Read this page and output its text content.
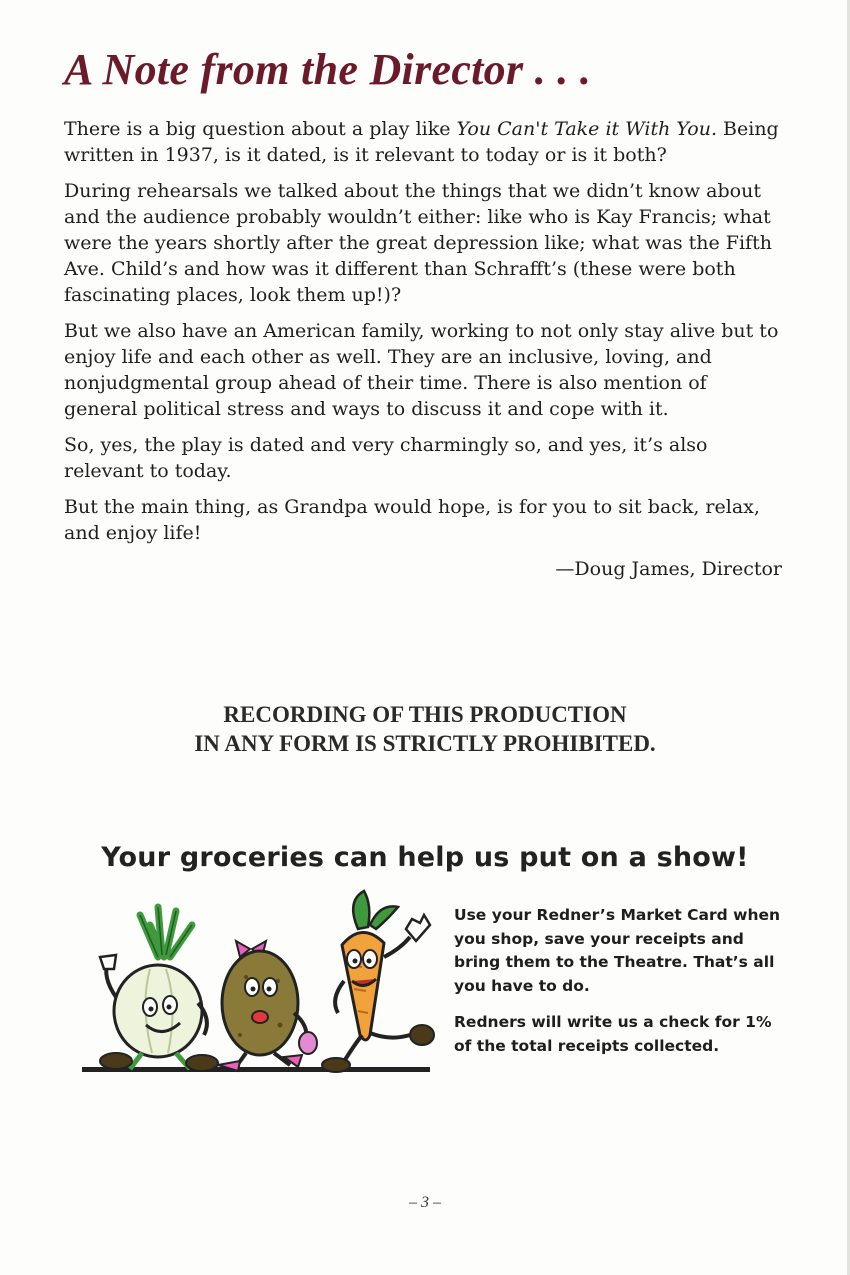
A Note from the Director . . .

There is a big question about a play like You Can't Take it With You. Being written in 1937, is it dated, is it relevant to today or is it both?

During rehearsals we talked about the things that we didn’t know about and the audience probably wouldn’t either: like who is Kay Francis; what were the years shortly after the great depression like; what was the Fifth Ave. Child’s and how was it different than Schrafft’s (these were both fascinating places, look them up!)?

But we also have an American family, working to not only stay alive but to enjoy life and each other as well. They are an inclusive, loving, and nonjudgmental group ahead of their time. There is also mention of general political stress and ways to discuss it and cope with it.

So, yes, the play is dated and very charmingly so, and yes, it’s also relevant to today.

But the main thing, as Grandpa would hope, is for you to sit back, relax, and enjoy life!

—Doug James, Director

RECORDING OF THIS PRODUCTION
IN ANY FORM IS STRICTLY PROHIBITED.
Your groceries can help us put on a show!

Use your Redner’s Market Card when you shop, save your receipts and bring them to the Theatre. That’s all you have to do.

Redners will write us a check for 1% of the total receipts collected.

– 3 –
